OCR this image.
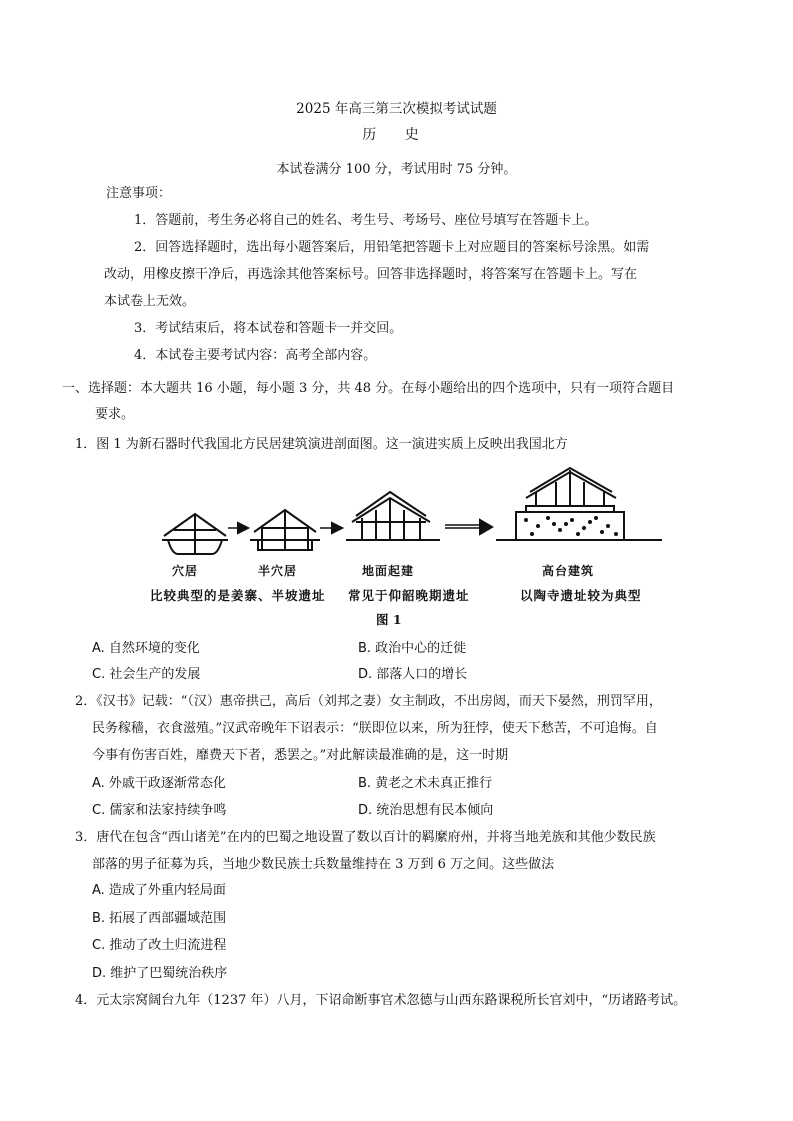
2025 年高三第三次模拟考试试题
历 史
本试卷满分 100 分，考试用时 75 分钟。
注意事项：
1．答题前，考生务必将自己的姓名、考生号、考场号、座位号填写在答题卡上。
2．回答选择题时，选出每小题答案后，用铅笔把答题卡上对应题目的答案标号涂黑。如需
改动，用橡皮擦干净后，再选涂其他答案标号。回答非选择题时，将答案写在答题卡上。写在
本试卷上无效。
3．考试结束后，将本试卷和答题卡一并交回。
4．本试卷主要考试内容：高考全部内容。
一、选择题：本大题共 16 小题，每小题 3 分，共 48 分。在每小题给出的四个选项中，只有一项符合题目
要求。
1．图 1 为新石器时代我国北方民居建筑演进剖面图。这一演进实质上反映出我国北方
穴居	半穴居	地面起建	高台建筑
比较典型的是姜寨、半坡遗址 常见于仰韶晚期遗址	以陶寺遗址较为典型
图 1
A. 自然环境的变化	B. 政治中心的迁徙
C. 社会生产的发展	D. 部落人口的增长
2．《汉书》记载：“（汉）惠帝拱己，高后（刘邦之妻）女主制政，不出房闼，而天下晏然，刑罚罕用，
民务稼穑，衣食滋殖。”汉武帝晚年下诏表示：“朕即位以来，所为狂悖，使天下愁苦，不可追悔。自
今事有伤害百姓，靡费天下者，悉罢之。”对此解读最准确的是，这一时期
A. 外戚干政逐渐常态化	B. 黄老之术未真正推行
C. 儒家和法家持续争鸣	D. 统治思想有民本倾向
3．唐代在包含“西山诸羌”在内的巴蜀之地设置了数以百计的羁縻府州，并将当地羌族和其他少数民族
部落的男子征募为兵，当地少数民族士兵数量维持在 3 万到 6 万之间。这些做法
A. 造成了外重内轻局面
B. 拓展了西部疆域范围
C. 推动了改土归流进程
D. 维护了巴蜀统治秩序
4．元太宗窝阔台九年（1237 年）八月，下诏命断事官术忽德与山西东路课税所长官刘中，“历诸路考试。
